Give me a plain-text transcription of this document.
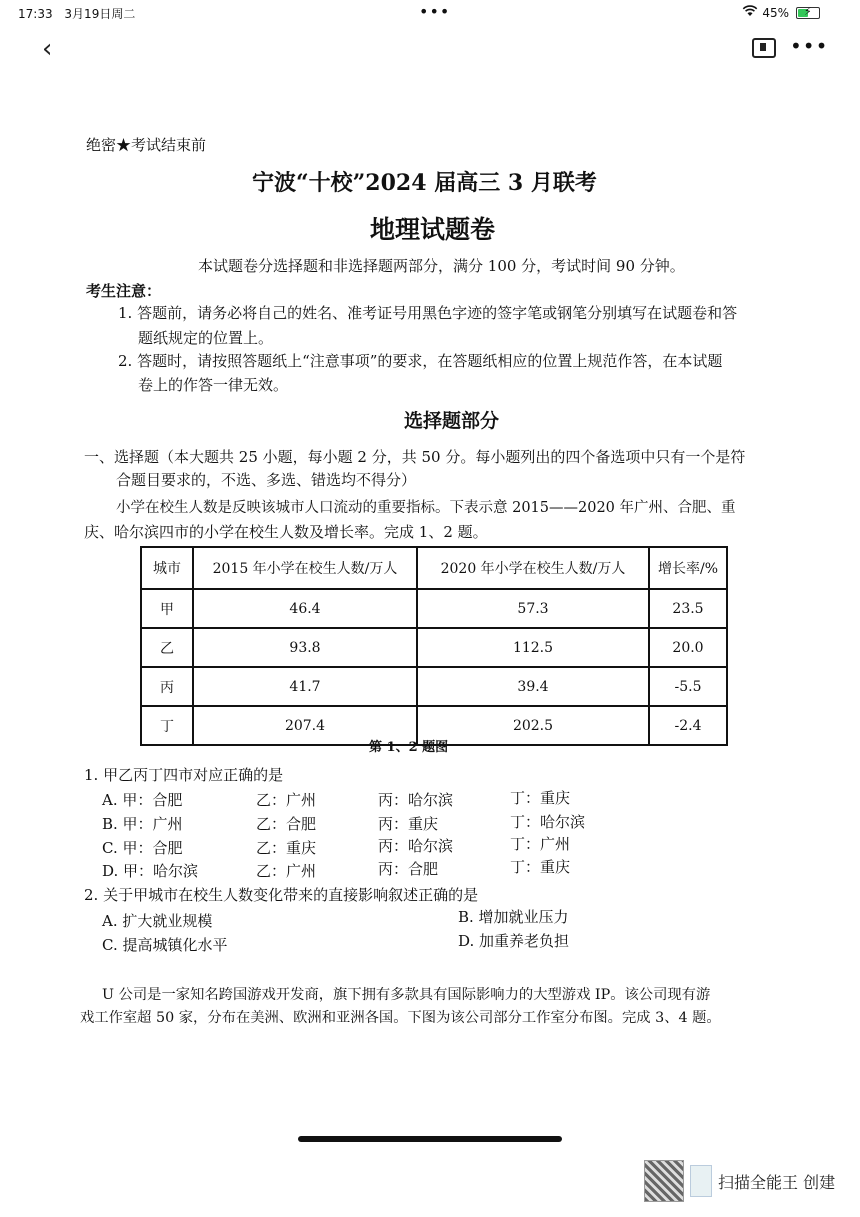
17:33 3月19日周二	•••	45% ⚡
‹	•••
绝密★考试结束前
宁波“十校”2024 届高三 3 月联考
地理试题卷
本试题卷分选择题和非选择题两部分，满分 100 分，考试时间 90 分钟。
考生注意：
1. 答题前，请务必将自己的姓名、准考证号用黑色字迹的签字笔或钢笔分别填写在试题卷和答
题纸规定的位置上。
2. 答题时，请按照答题纸上“注意事项”的要求，在答题纸相应的位置上规范作答，在本试题
卷上的作答一律无效。
选择题部分
一、选择题（本大题共 25 小题，每小题 2 分，共 50 分。每小题列出的四个备选项中只有一个是符
合题目要求的，不选、多选、错选均不得分）
小学在校生人数是反映该城市人口流动的重要指标。下表示意 2015——2020 年广州、合肥、重
庆、哈尔滨四市的小学在校生人数及增长率。完成 1、2 题。
城市	2015 年小学在校生人数/万人	2020 年小学在校生人数/万人	增长率/%
甲	46.4	57.3	23.5
乙	93.8	112.5	20.0
丙	41.7	39.4	-5.5
丁	207.4	202.5	-2.4
第 1、2 题图
1. 甲乙丙丁四市对应正确的是
A. 甲：合肥	乙：广州	丙：哈尔滨	丁：重庆
B. 甲：广州	乙：合肥	丙：重庆	丁：哈尔滨
C. 甲：合肥	乙：重庆	丙：哈尔滨	丁：广州
D. 甲：哈尔滨	乙：广州	丙：合肥	丁：重庆
2. 关于甲城市在校生人数变化带来的直接影响叙述正确的是
A. 扩大就业规模	B. 增加就业压力
C. 提高城镇化水平	D. 加重养老负担
U 公司是一家知名跨国游戏开发商，旗下拥有多款具有国际影响力的大型游戏 IP。该公司现有游
戏工作室超 50 家，分布在美洲、欧洲和亚洲各国。下图为该公司部分工作室分布图。完成 3、4 题。
扫描全能王 创建
